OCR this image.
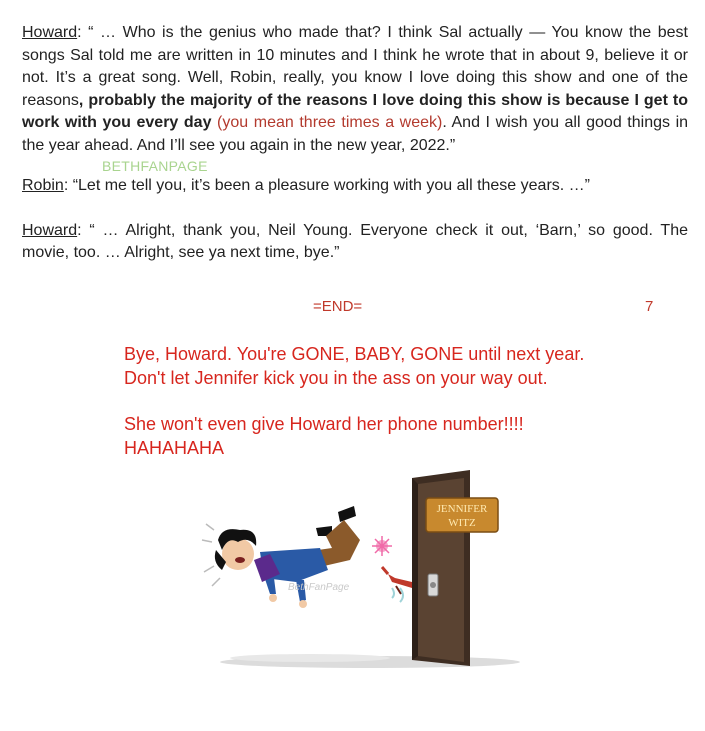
Howard: “ … Who is the genius who made that? I think Sal actually — You know the best songs Sal told me are written in 10 minutes and I think he wrote that in about 9, believe it or not. It’s a great song. Well, Robin, really, you know I love doing this show and one of the reasons, probably the majority of the reasons I love doing this show is because I get to work with you every day (you mean three times a week). And I wish you all good things in the year ahead. And I’ll see you again in the new year, 2022.”

BETHFANPAGE

Robin: “Let me tell you, it’s been a pleasure working with you all these years. …”

Howard: “ … Alright, thank you, Neil Young. Everyone check it out, ‘Barn,’ so good. The movie, too. … Alright, see ya next time, bye.”

=END=	7

Bye, Howard. You're GONE, BABY, GONE until next year. Don't let Jennifer kick you in the ass on your way out.

She won't even give Howard her phone number!!!! HAHAHAHA

JENNIFER
WITZ
BethFanPage
